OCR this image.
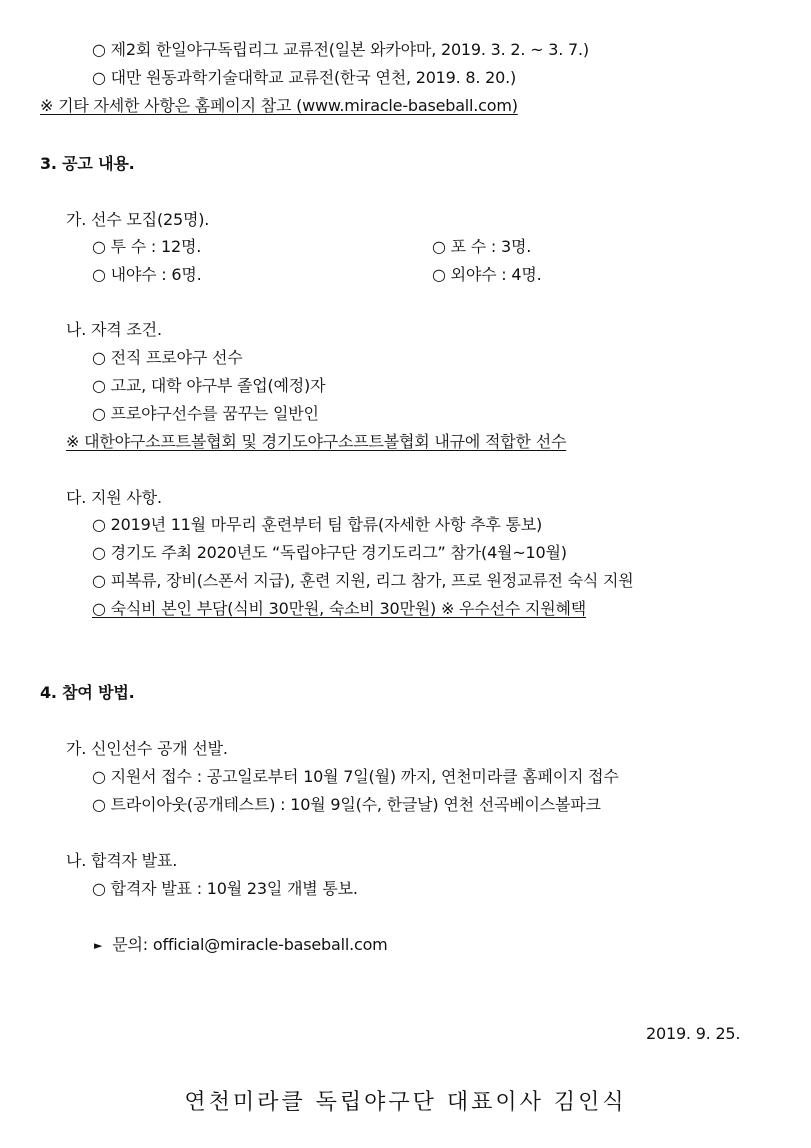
○ 제2회 한일야구독립리그 교류전(일본 와카야마, 2019. 3. 2. ~ 3. 7.)
○ 대만 원동과학기술대학교 교류전(한국 연천, 2019. 8. 20.)
※ 기타 자세한 사항은 홈페이지 참고 (www.miracle-baseball.com)
3. 공고 내용.
가. 선수 모집(25명).
○ 투 수 : 12명.	○ 포 수 : 3명.
○ 내야수 : 6명.	○ 외야수 : 4명.
나. 자격 조건.
○ 전직 프로야구 선수
○ 고교, 대학 야구부 졸업(예정)자
○ 프로야구선수를 꿈꾸는 일반인
※ 대한야구소프트볼협회 및 경기도야구소프트볼협회 내규에 적합한 선수
다. 지원 사항.
○ 2019년 11월 마무리 훈련부터 팀 합류(자세한 사항 추후 통보)
○ 경기도 주최 2020년도 “독립야구단 경기도리그” 참가(4월~10월)
○ 피복류, 장비(스폰서 지급), 훈련 지원, 리그 참가, 프로 원정교류전 숙식 지원
○ 숙식비 본인 부담(식비 30만원, 숙소비 30만원) ※ 우수선수 지원혜택
4. 참여 방법.
가. 신인선수 공개 선발.
○ 지원서 접수 : 공고일로부터 10월 7일(월) 까지, 연천미라클 홈페이지 접수
○ 트라이아웃(공개테스트) : 10월 9일(수, 한글날) 연천 선곡베이스볼파크
나. 합격자 발표.
○ 합격자 발표 : 10월 23일 개별 통보.
► 문의: official@miracle-baseball.com
2019. 9. 25.
연천미라클 독립야구단 대표이사 김인식
